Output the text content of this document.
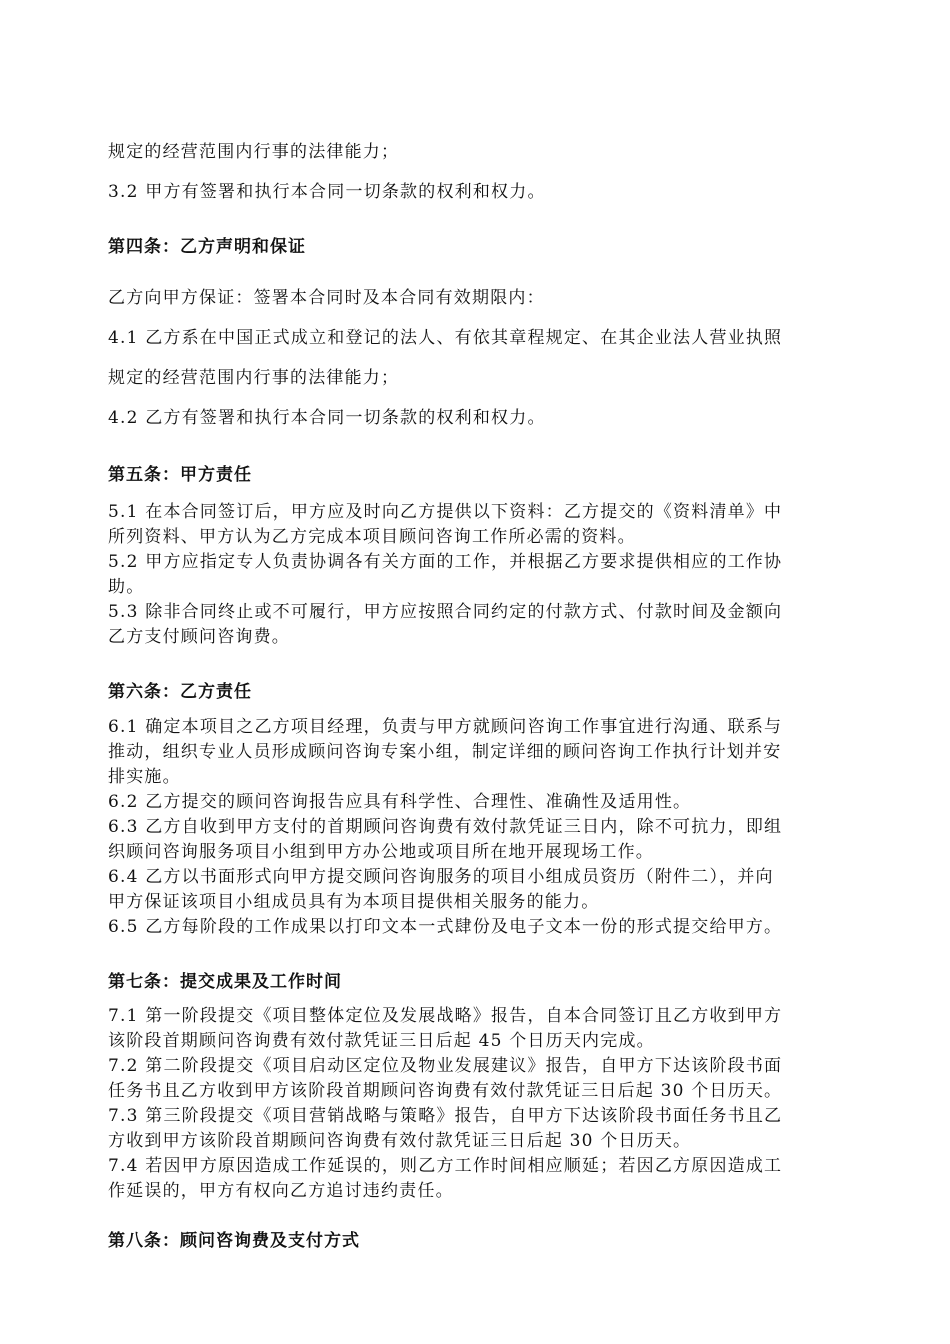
规定的经营范围内行事的法律能力；

3.2 甲方有签署和执行本合同一切条款的权利和权力。

第四条：乙方声明和保证

乙方向甲方保证：签署本合同时及本合同有效期限内：

4.1 乙方系在中国正式成立和登记的法人、有依其章程规定、在其企业法人营业执照

规定的经营范围内行事的法律能力；

4.2 乙方有签署和执行本合同一切条款的权利和权力。

第五条：甲方责任

5.1 在本合同签订后，甲方应及时向乙方提供以下资料：乙方提交的《资料清单》中

所列资料、甲方认为乙方完成本项目顾问咨询工作所必需的资料。

5.2 甲方应指定专人负责协调各有关方面的工作，并根据乙方要求提供相应的工作协

助。

5.3 除非合同终止或不可履行，甲方应按照合同约定的付款方式、付款时间及金额向

乙方支付顾问咨询费。

第六条：乙方责任

6.1 确定本项目之乙方项目经理，负责与甲方就顾问咨询工作事宜进行沟通、联系与

推动，组织专业人员形成顾问咨询专案小组，制定详细的顾问咨询工作执行计划并安

排实施。

6.2 乙方提交的顾问咨询报告应具有科学性、合理性、准确性及适用性。

6.3 乙方自收到甲方支付的首期顾问咨询费有效付款凭证三日内，除不可抗力，即组

织顾问咨询服务项目小组到甲方办公地或项目所在地开展现场工作。

6.4 乙方以书面形式向甲方提交顾问咨询服务的项目小组成员资历（附件二），并向

甲方保证该项目小组成员具有为本项目提供相关服务的能力。

6.5 乙方每阶段的工作成果以打印文本一式肆份及电子文本一份的形式提交给甲方。

第七条：提交成果及工作时间

7.1 第一阶段提交《项目整体定位及发展战略》报告，自本合同签订且乙方收到甲方

该阶段首期顾问咨询费有效付款凭证三日后起 45 个日历天内完成。

7.2 第二阶段提交《项目启动区定位及物业发展建议》报告，自甲方下达该阶段书面

任务书且乙方收到甲方该阶段首期顾问咨询费有效付款凭证三日后起 30 个日历天。

7.3 第三阶段提交《项目营销战略与策略》报告，自甲方下达该阶段书面任务书且乙

方收到甲方该阶段首期顾问咨询费有效付款凭证三日后起 30 个日历天。

7.4 若因甲方原因造成工作延误的，则乙方工作时间相应顺延；若因乙方原因造成工

作延误的，甲方有权向乙方追讨违约责任。

第八条：顾问咨询费及支付方式
